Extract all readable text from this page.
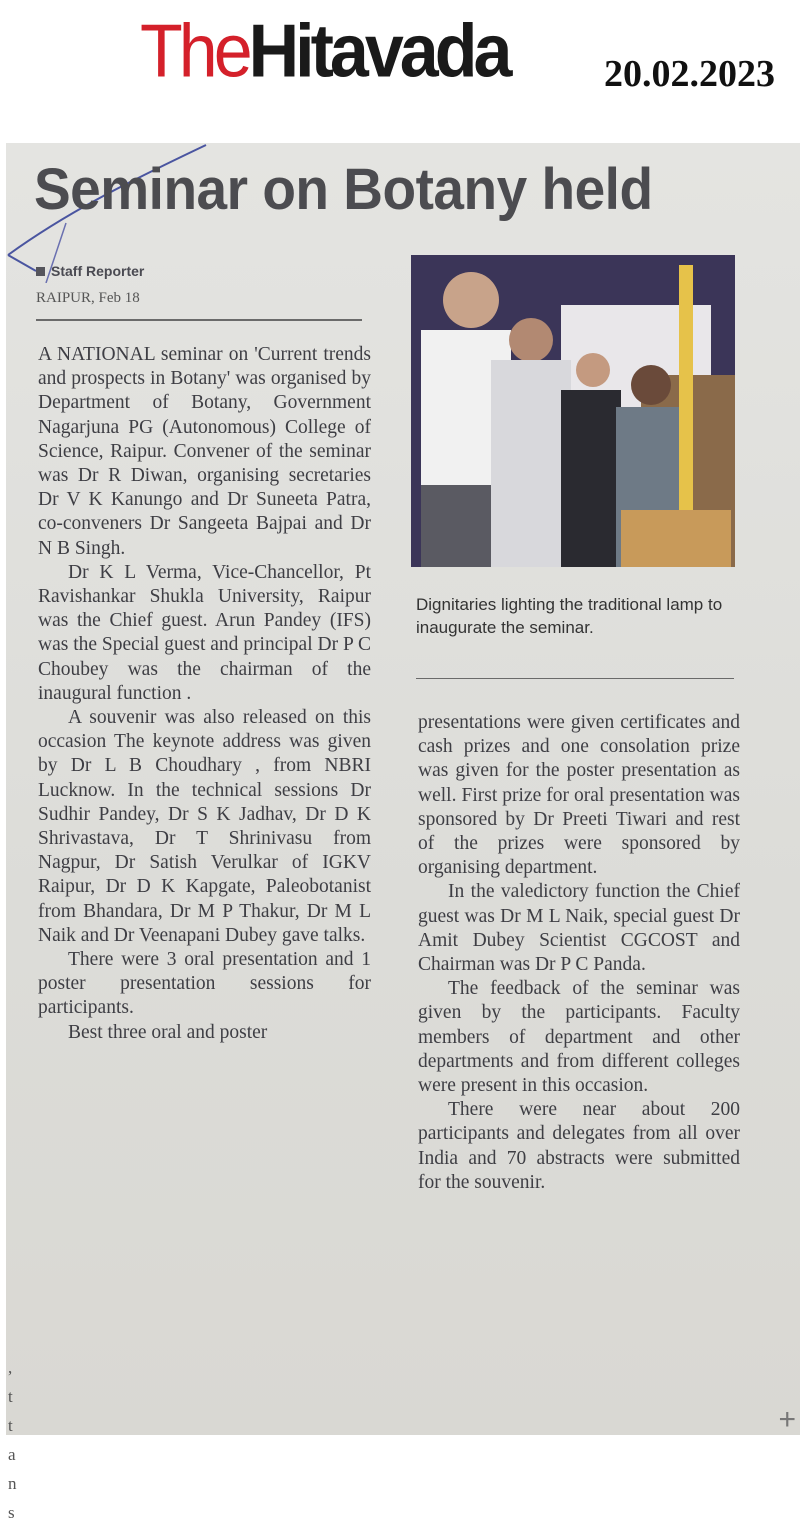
TheHitavada	20.02.2023
Seminar on Botany held
Staff Reporter
RAIPUR, Feb 18

A NATIONAL seminar on 'Current trends and prospects in Botany' was organised by Department of Botany, Government Nagarjuna PG (Autonomous) College of Science, Raipur. Convener of the seminar was Dr R Diwan, organising secretaries Dr V K Kanungo and Dr Suneeta Patra, co-conveners Dr Sangeeta Bajpai and Dr N B Singh.

Dr K L Verma, Vice-Chancellor, Pt Ravishankar Shukla University, Raipur was the Chief guest. Arun Pandey (IFS) was the Special guest and principal Dr P C Choubey was the chairman of the inaugural function .

A souvenir was also released on this occasion The keynote address was given by Dr L B Choudhary , from NBRI Lucknow. In the technical sessions Dr Sudhir Pandey, Dr S K Jadhav, Dr D K Shrivastava, Dr T Shrinivasu from Nagpur, Dr Satish Verulkar of IGKV Raipur, Dr D K Kapgate, Paleobotanist from Bhandara, Dr M P Thakur, Dr M L Naik and Dr Veenapani Dubey gave talks.

There were 3 oral presentation and 1 poster presentation sessions for participants.

Best three oral and poster

Dignitaries lighting the traditional lamp to inaugurate the seminar.

presentations were given certificates and cash prizes and one consolation prize was given for the poster presentation as well. First prize for oral presentation was sponsored by Dr Preeti Tiwari and rest of the prizes were sponsored by organising department.

In the valedictory function the Chief guest was Dr M L Naik, special guest Dr Amit Dubey Scientist CGCOST and Chairman was Dr P C Panda.

The feedback of the seminar was given by the participants. Faculty members of department and other departments and from different colleges were present in this occasion.

There were near about 200 participants and delegates from all over India and 70 abstracts were submitted for the souvenir.

,
t
t
a
n
s
+
